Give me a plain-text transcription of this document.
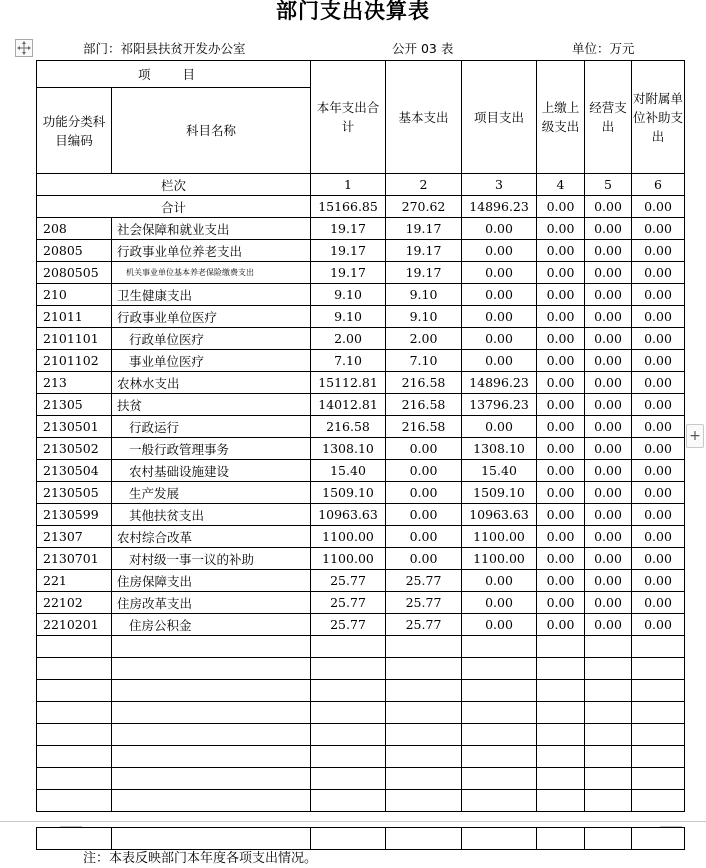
部门支出决算表
部门：祁阳县扶贫开发办公室	公开 03 表	单位：万元
项 目		本年支出合计	基本支出	项目支出	上缴上级支出	经营支出	对附属单位补助支出
功能分类科目编码	科目名称						
栏次		1	2	3	4	5	6
合计		15166.85	270.62	14896.23	0.00	0.00	0.00
208	社会保障和就业支出	19.17	19.17	0.00	0.00	0.00	0.00
20805	行政事业单位养老支出	19.17	19.17	0.00	0.00	0.00	0.00
2080505	机关事业单位基本养老保险缴费支出	19.17	19.17	0.00	0.00	0.00	0.00
210	卫生健康支出	9.10	9.10	0.00	0.00	0.00	0.00
21011	行政事业单位医疗	9.10	9.10	0.00	0.00	0.00	0.00
2101101	行政单位医疗	2.00	2.00	0.00	0.00	0.00	0.00
2101102	事业单位医疗	7.10	7.10	0.00	0.00	0.00	0.00
213	农林水支出	15112.81	216.58	14896.23	0.00	0.00	0.00
21305	扶贫	14012.81	216.58	13796.23	0.00	0.00	0.00
2130501	行政运行	216.58	216.58	0.00	0.00	0.00	0.00
2130502	一般行政管理事务	1308.10	0.00	1308.10	0.00	0.00	0.00
2130504	农村基础设施建设	15.40	0.00	15.40	0.00	0.00	0.00
2130505	生产发展	1509.10	0.00	1509.10	0.00	0.00	0.00
2130599	其他扶贫支出	10963.63	0.00	10963.63	0.00	0.00	0.00
21307	农村综合改革	1100.00	0.00	1100.00	0.00	0.00	0.00
2130701	对村级一事一议的补助	1100.00	0.00	1100.00	0.00	0.00	0.00
221	住房保障支出	25.77	25.77	0.00	0.00	0.00	0.00
22102	住房改革支出	25.77	25.77	0.00	0.00	0.00	0.00
2210201	住房公积金	25.77	25.77	0.00	0.00	0.00	0.00

注：本表反映部门本年度各项支出情况。
+
